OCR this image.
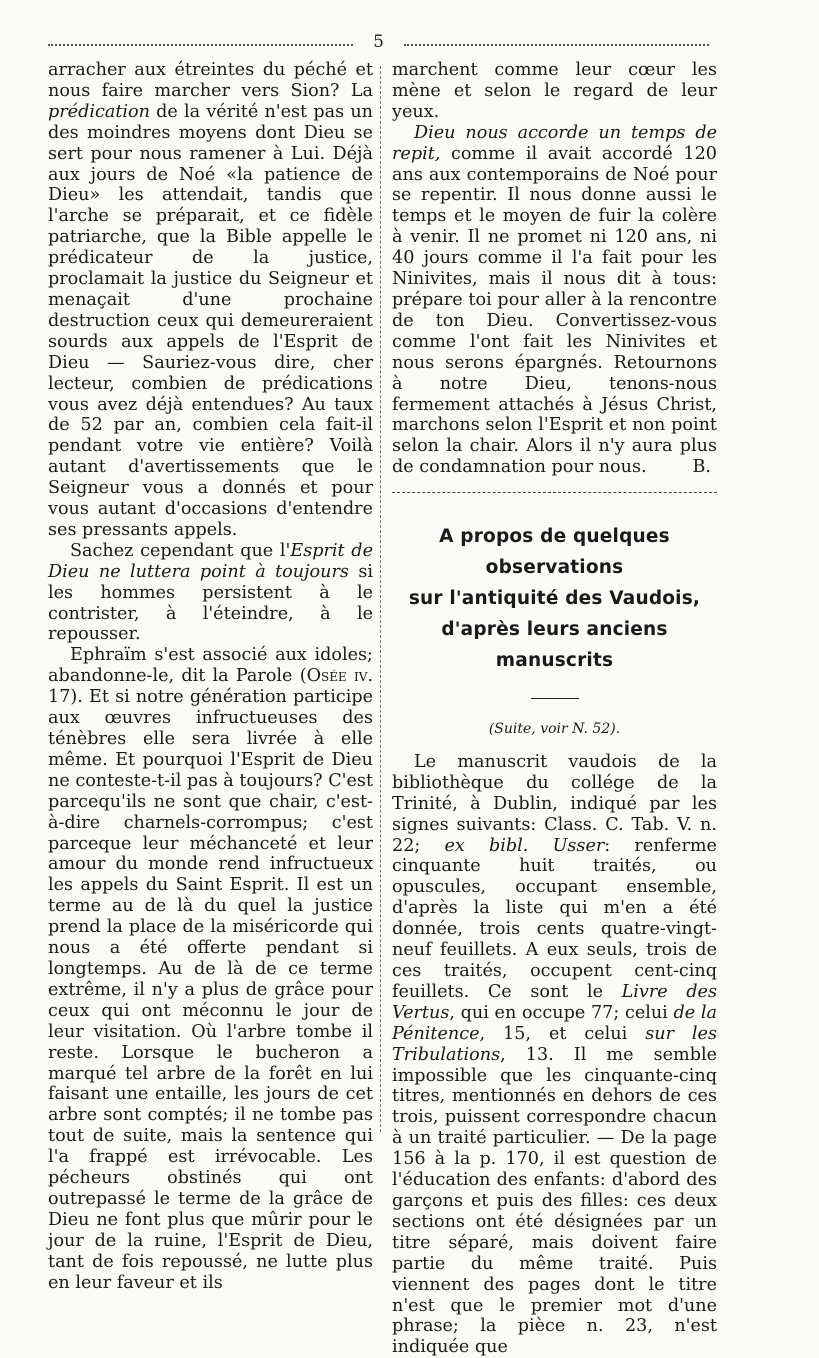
5

arracher aux étreintes du péché et nous faire marcher vers Sion? La prédication de la vérité n'est pas un des moindres moyens dont Dieu se sert pour nous ramener à Lui. Déjà aux jours de Noé «la patience de Dieu» les attendait, tandis que l'arche se préparait, et ce fidèle patriarche, que la Bible appelle le prédicateur de la justice, proclamait la justice du Seigneur et menaçait d'une prochaine destruction ceux qui demeureraient sourds aux appels de l'Esprit de Dieu — Sauriez-vous dire, cher lecteur, combien de prédications vous avez déjà entendues? Au taux de 52 par an, combien cela fait-il pendant votre vie entière? Voilà autant d'avertissements que le Seigneur vous a donnés et pour vous autant d'occasions d'entendre ses pressants appels.

Sachez cependant que l'Esprit de Dieu ne luttera point à toujours si les hommes persistent à le contrister, à l'éteindre, à le repousser.

Ephraïm s'est associé aux idoles; abandonne-le, dit la Parole (Osée iv. 17). Et si notre génération participe aux œuvres infructueuses des ténèbres elle sera livrée à elle même. Et pourquoi l'Esprit de Dieu ne conteste-t-il pas à toujours? C'est parcequ'ils ne sont que chair, c'est-à-dire charnels-corrompus; c'est parceque leur méchanceté et leur amour du monde rend infructueux les appels du Saint Esprit. Il est un terme au de là du quel la justice prend la place de la miséricorde qui nous a été offerte pendant si longtemps. Au de là de ce terme extrême, il n'y a plus de grâce pour ceux qui ont méconnu le jour de leur visitation. Où l'arbre tombe il reste. Lorsque le bucheron a marqué tel arbre de la forêt en lui faisant une entaille, les jours de cet arbre sont comptés; il ne tombe pas tout de suite, mais la sentence qui l'a frappé est irrévocable. Les pécheurs obstinés qui ont outrepassé le terme de la grâce de Dieu ne font plus que mûrir pour le jour de la ruine, l'Esprit de Dieu, tant de fois repoussé, ne lutte plus en leur faveur et ils

marchent comme leur cœur les mène et selon le regard de leur yeux.

Dieu nous accorde un temps de repit, comme il avait accordé 120 ans aux contemporains de Noé pour se repentir. Il nous donne aussi le temps et le moyen de fuir la colère à venir. Il ne promet ni 120 ans, ni 40 jours comme il l'a fait pour les Ninivites, mais il nous dit à tous: prépare toi pour aller à la rencontre de ton Dieu. Convertissez-vous comme l'ont fait les Ninivites et nous serons épargnés. Retournons à notre Dieu, tenons-nous fermement attachés à Jésus Christ, marchons selon l'Esprit et non point selon la chair. Alors il n'y aura plus de condamnation pour nous.	B.

A propos de quelques observations
sur l'antiquité des Vaudois,
d'après leurs anciens manuscrits
(Suite, voir N. 52).

Le manuscrit vaudois de la bibliothèque du collége de la Trinité, à Dublin, indiqué par les signes suivants: Class. C. Tab. V. n. 22; ex bibl. Usser: renferme cinquante huit traités, ou opuscules, occupant ensemble, d'après la liste qui m'en a été donnée, trois cents quatre-vingt-neuf feuillets. A eux seuls, trois de ces traités, occupent cent-cinq feuillets. Ce sont le Livre des Vertus, qui en occupe 77; celui de la Pénitence, 15, et celui sur les Tribulations, 13. Il me semble impossible que les cinquante-cinq titres, mentionnés en dehors de ces trois, puissent correspondre chacun à un traité particulier. — De la page 156 à la p. 170, il est question de l'éducation des enfants: d'abord des garçons et puis des filles: ces deux sections ont été désignées par un titre séparé, mais doivent faire partie du même traité. Puis viennent des pages dont le titre n'est que le premier mot d'une phrase; la pièce n. 23, n'est indiquée que
